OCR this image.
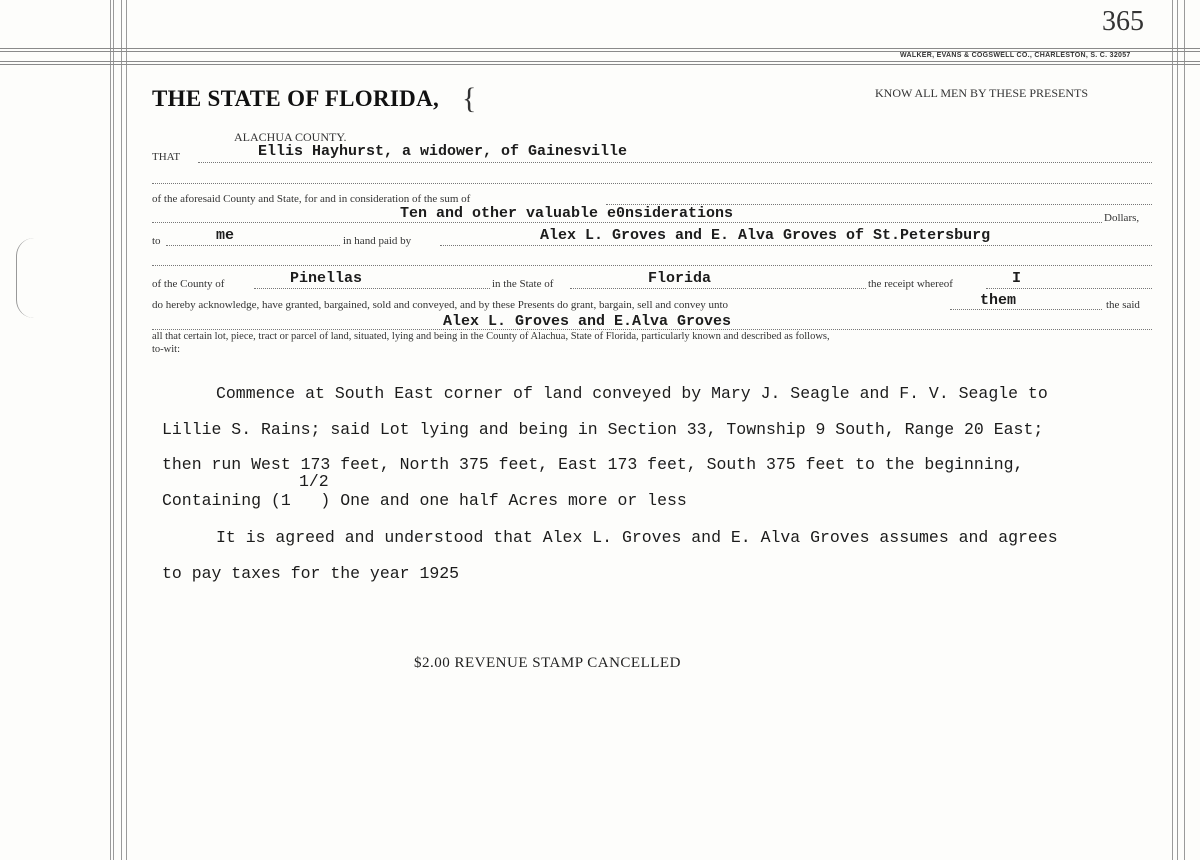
365
WALKER, EVANS & COGSWELL CO., CHARLESTON, S. C. 32057
THE STATE OF FLORIDA, {	KNOW ALL MEN BY THESE PRESENTS
ALACHUA COUNTY.
THAT	Ellis Hayhurst, a widower, of Gainesville
of the aforesaid County and State, for and in consideration of the sum of
Ten and other valuable e0nsiderations	Dollars,
to	me	in hand paid by	Alex L. Groves and E. Alva Groves of St.Petersburg
of the County of	Pinellas	in the State of	Florida	the receipt whereof	I
do hereby acknowledge, have granted, bargained, sold and conveyed, and by these Presents do grant, bargain, sell and convey unto	them	the said
Alex L. Groves and E.Alva Groves
all that certain lot, piece, tract or parcel of land, situated, lying and being in the County of Alachua, State of Florida, particularly known and described as follows,
to-wit:
Commence at South East corner of land conveyed by Mary J. Seagle and F. V. Seagle to
Lillie S. Rains; said Lot lying and being in Section 33, Township 9 South, Range 20 East;
then run West 173 feet, North 375 feet, East 173 feet, South 375 feet to the beginning,
1/2
Containing (1   ) One and one half Acres more or less
It is agreed and understood that Alex L. Groves and E. Alva Groves assumes and agrees
to pay taxes for the year 1925
$2.00 REVENUE STAMP CANCELLED
